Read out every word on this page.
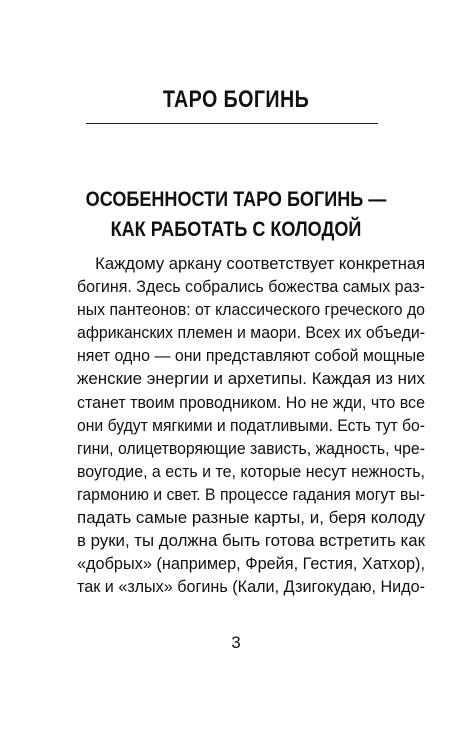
ТАРО БОГИНЬ
ОСОБЕННОСТИ ТАРО БОГИНЬ —
КАК РАБОТАТЬ С КОЛОДОЙ
Каждому аркану соответствует конкретная
богиня. Здесь собрались божества самых раз-
ных пантеонов: от классического греческого до
африканских племен и маори. Всех их объеди-
няет одно — они представляют собой мощные
женские энергии и архетипы. Каждая из них
станет твоим проводником. Но не жди, что все
они будут мягкими и податливыми. Есть тут бо-
гини, олицетворяющие зависть, жадность, чре-
воугодие, а есть и те, которые несут нежность,
гармонию и свет. В процессе гадания могут вы-
падать самые разные карты, и, беря колоду
в руки, ты должна быть готова встретить как
«добрых» (например, Фрейя, Гестия, Хатхор),
так и «злых» богинь (Кали, Дзигокудаю, Нидо-
3
